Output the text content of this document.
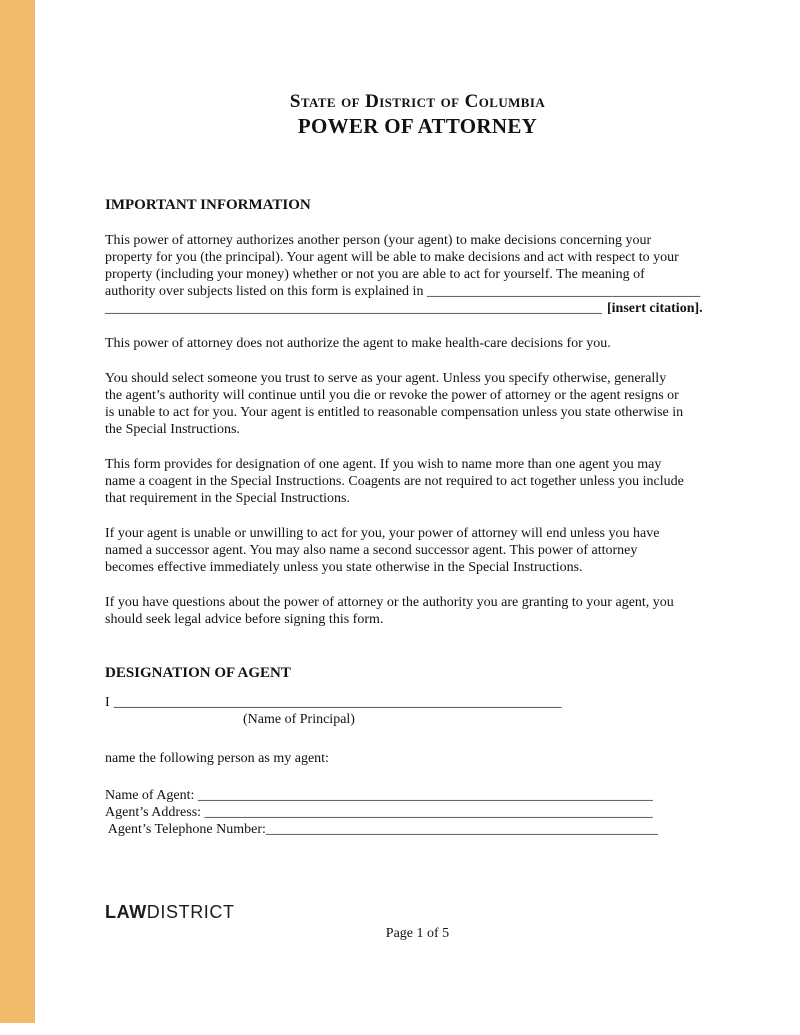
State of District of Columbia
POWER OF ATTORNEY
IMPORTANT INFORMATION
This power of attorney authorizes another person (your agent) to make decisions concerning your
property for you (the principal). Your agent will be able to make decisions and act with respect to your
property (including your money) whether or not you are able to act for yourself. The meaning of
authority over subjects listed on this form is explained in _______________________________________
_______________________________________________________________________ [insert citation].
This power of attorney does not authorize the agent to make health-care decisions for you.
You should select someone you trust to serve as your agent. Unless you specify otherwise, generally
the agent’s authority will continue until you die or revoke the power of attorney or the agent resigns or
is unable to act for you. Your agent is entitled to reasonable compensation unless you state otherwise in
the Special Instructions.
This form provides for designation of one agent. If you wish to name more than one agent you may
name a coagent in the Special Instructions. Coagents are not required to act together unless you include
that requirement in the Special Instructions.
If your agent is unable or unwilling to act for you, your power of attorney will end unless you have
named a successor agent. You may also name a second successor agent. This power of attorney
becomes effective immediately unless you state otherwise in the Special Instructions.
If you have questions about the power of attorney or the authority you are granting to your agent, you
should seek legal advice before signing this form.
DESIGNATION OF AGENT
I ________________________________________________________________
(Name of Principal)
name the following person as my agent:
Name of Agent: _________________________________________________________________
Agent’s Address: ________________________________________________________________
Agent’s Telephone Number:________________________________________________________
LAWDISTRICT
Page 1 of 5
